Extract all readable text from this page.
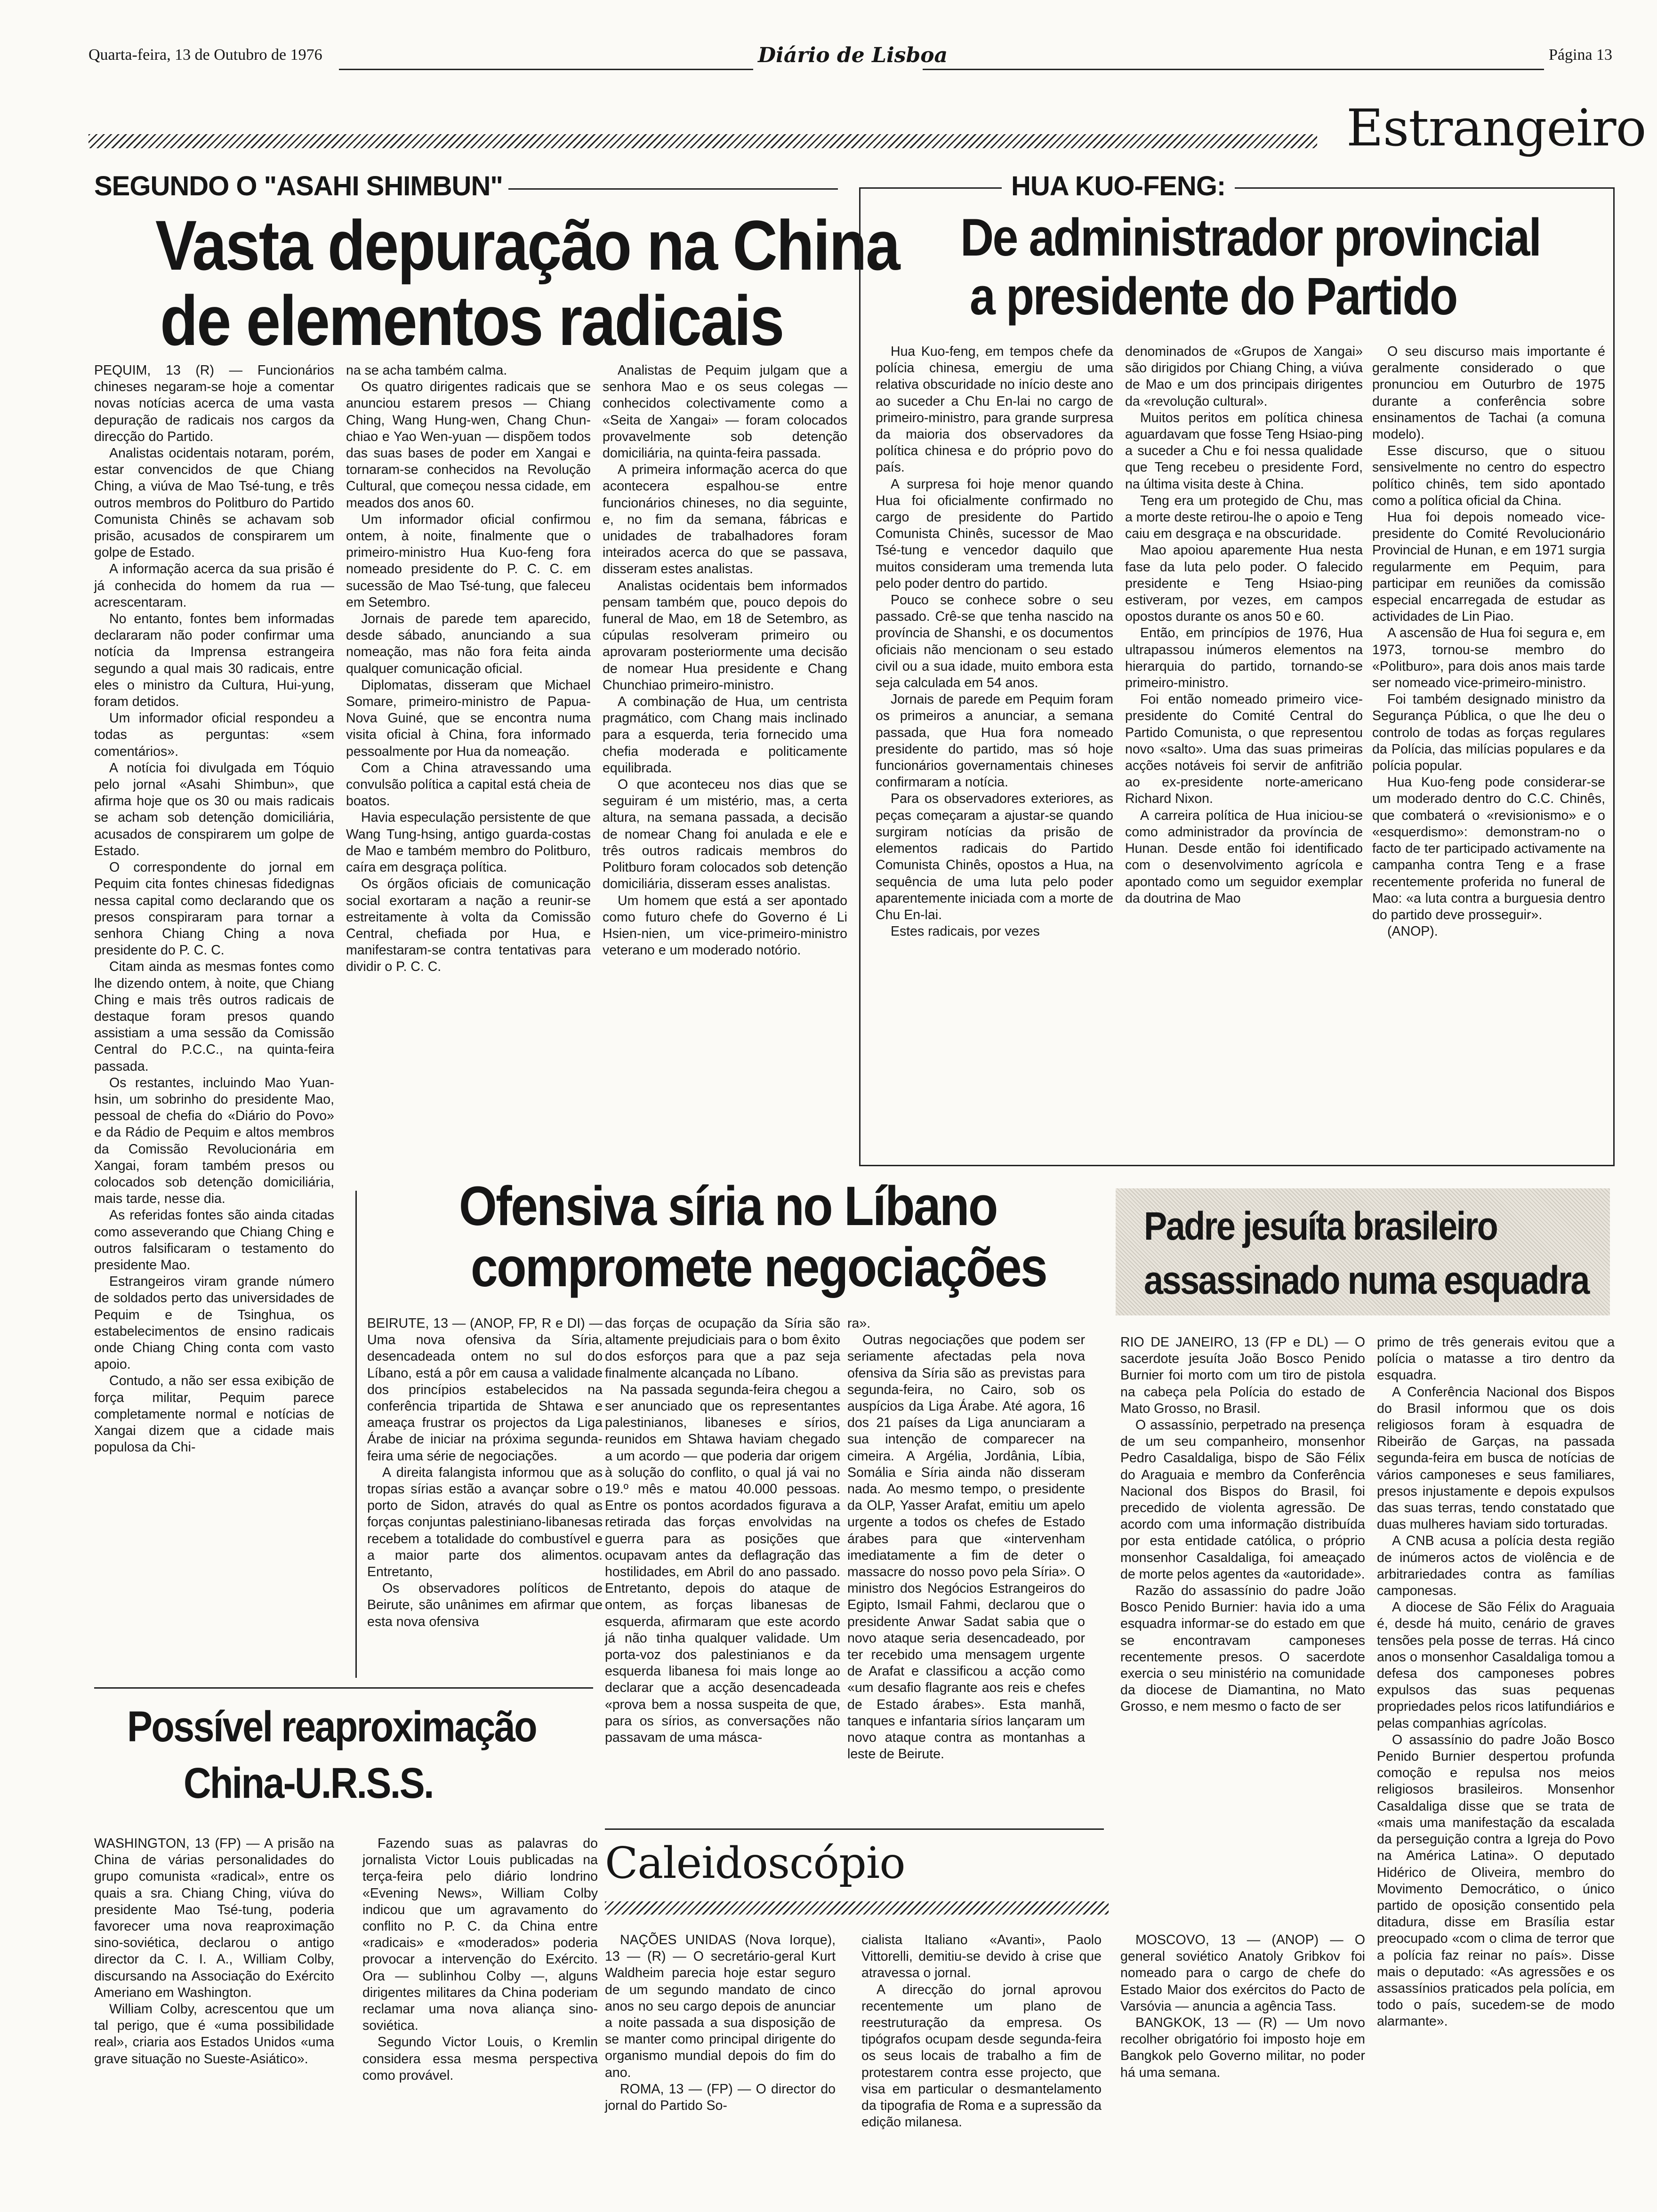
Quarta-feira, 13 de Outubro de 1976	Diário de Lisboa	Página 13
Estrangeiro
SEGUNDO O "ASAHI SHIMBUN"
Vasta depuração na China
de elementos radicais

PEQUIM, 13 (R) — Funcionários chineses negaram-se hoje a comentar novas notícias acerca de uma vasta depuração de radicais nos cargos da direcção do Partido.

Analistas ocidentais notaram, porém, estar convencidos de que Chiang Ching, a viúva de Mao Tsé-tung, e três outros membros do Politburo do Partido Comunista Chinês se achavam sob prisão, acusados de conspirarem um golpe de Estado.

A informação acerca da sua prisão é já conhecida do homem da rua — acrescentaram.

No entanto, fontes bem informadas declararam não poder confirmar uma notícia da Imprensa estrangeira segundo a qual mais 30 radicais, entre eles o ministro da Cultura, Hui-yung, foram detidos.

Um informador oficial respondeu a todas as perguntas: «sem comentários».

A notícia foi divulgada em Tóquio pelo jornal «Asahi Shimbun», que afirma hoje que os 30 ou mais radicais se acham sob detenção domiciliária, acusados de conspirarem um golpe de Estado.

O correspondente do jornal em Pequim cita fontes chinesas fidedignas nessa capital como declarando que os presos conspiraram para tornar a senhora Chiang Ching a nova presidente do P. C. C.

Citam ainda as mesmas fontes como lhe dizendo ontem, à noite, que Chiang Ching e mais três outros radicais de destaque foram presos quando assistiam a uma sessão da Comissão Central do P.C.C., na quinta-feira passada.

Os restantes, incluindo Mao Yuan-hsin, um sobrinho do presidente Mao, pessoal de chefia do «Diário do Povo» e da Rádio de Pequim e altos membros da Comissão Revolucionária em Xangai, foram também presos ou colocados sob detenção domiciliária, mais tarde, nesse dia.

As referidas fontes são ainda citadas como asseverando que Chiang Ching e outros falsificaram o testamento do presidente Mao.

Estrangeiros viram grande número de soldados perto das universidades de Pequim e de Tsinghua, os estabelecimentos de ensino radicais onde Chiang Ching conta com vasto apoio.

Contudo, a não ser essa exibição de força militar, Pequim parece completamente normal e notícias de Xangai dizem que a cidade mais populosa da Chi-

na se acha também calma.

Os quatro dirigentes radicais que se anunciou estarem presos — Chiang Ching, Wang Hung-wen, Chang Chun-chiao e Yao Wen-yuan — dispõem todos das suas bases de poder em Xangai e tornaram-se conhecidos na Revolução Cultural, que começou nessa cidade, em meados dos anos 60.

Um informador oficial confirmou ontem, à noite, finalmente que o primeiro-ministro Hua Kuo-feng fora nomeado presidente do P. C. C. em sucessão de Mao Tsé-tung, que faleceu em Setembro.

Jornais de parede tem aparecido, desde sábado, anunciando a sua nomeação, mas não fora feita ainda qualquer comunicação oficial.

Diplomatas, disseram que Michael Somare, primeiro-ministro de Papua-Nova Guiné, que se encontra numa visita oficial à China, fora informado pessoalmente por Hua da nomeação.

Com a China atravessando uma convulsão política a capital está cheia de boatos.

Havia especulação persistente de que Wang Tung-hsing, antigo guarda-costas de Mao e também membro do Politburo, caíra em desgraça política.

Os órgãos oficiais de comunicação social exortaram a nação a reunir-se estreitamente à volta da Comissão Central, chefiada por Hua, e manifestaram-se contra tentativas para dividir o P. C. C.

Analistas de Pequim julgam que a senhora Mao e os seus colegas — conhecidos colectivamente como a «Seita de Xangai» — foram colocados provavelmente sob detenção domiciliária, na quinta-feira passada.

A primeira informação acerca do que acontecera espalhou-se entre funcionários chineses, no dia seguinte, e, no fim da semana, fábricas e unidades de trabalhadores foram inteirados acerca do que se passava, disseram estes analistas.

Analistas ocidentais bem informados pensam também que, pouco depois do funeral de Mao, em 18 de Setembro, as cúpulas resolveram primeiro ou aprovaram posteriormente uma decisão de nomear Hua presidente e Chang Chunchiao primeiro-ministro.

A combinação de Hua, um centrista pragmático, com Chang mais inclinado para a esquerda, teria fornecido uma chefia moderada e politicamente equilibrada.

O que aconteceu nos dias que se seguiram é um mistério, mas, a certa altura, na semana passada, a decisão de nomear Chang foi anulada e ele e três outros radicais membros do Politburo foram colocados sob detenção domiciliária, disseram esses analistas.

Um homem que está a ser apontado como futuro chefe do Governo é Li Hsien-nien, um vice-primeiro-ministro veterano e um moderado notório.

HUA KUO-FENG:
De administrador provincial
a presidente do Partido

Hua Kuo-feng, em tempos chefe da polícia chinesa, emergiu de uma relativa obscuridade no início deste ano ao suceder a Chu En-lai no cargo de primeiro-ministro, para grande surpresa da maioria dos observadores da política chinesa e do próprio povo do país.

A surpresa foi hoje menor quando Hua foi oficialmente confirmado no cargo de presidente do Partido Comunista Chinês, sucessor de Mao Tsé-tung e vencedor daquilo que muitos consideram uma tremenda luta pelo poder dentro do partido.

Pouco se conhece sobre o seu passado. Crê-se que tenha nascido na província de Shanshi, e os documentos oficiais não mencionam o seu estado civil ou a sua idade, muito embora esta seja calculada em 54 anos.

Jornais de parede em Pequim foram os primeiros a anunciar, a semana passada, que Hua fora nomeado presidente do partido, mas só hoje funcionários governamentais chineses confirmaram a notícia.

Para os observadores exteriores, as peças começaram a ajustar-se quando surgiram notícias da prisão de elementos radicais do Partido Comunista Chinês, opostos a Hua, na sequência de uma luta pelo poder aparentemente iniciada com a morte de Chu En-lai.

Estes radicais, por vezes

denominados de «Grupos de Xangai» são dirigidos por Chiang Ching, a viúva de Mao e um dos principais dirigentes da «revolução cultural».

Muitos peritos em política chinesa aguardavam que fosse Teng Hsiao-ping a suceder a Chu e foi nessa qualidade que Teng recebeu o presidente Ford, na última visita deste à China.

Teng era um protegido de Chu, mas a morte deste retirou-lhe o apoio e Teng caiu em desgraça e na obscuridade.

Mao apoiou aparemente Hua nesta fase da luta pelo poder. O falecido presidente e Teng Hsiao-ping estiveram, por vezes, em campos opostos durante os anos 50 e 60.

Então, em princípios de 1976, Hua ultrapassou inúmeros elementos na hierarquia do partido, tornando-se primeiro-ministro.

Foi então nomeado primeiro vice-presidente do Comité Central do Partido Comunista, o que representou novo «salto». Uma das suas primeiras acções notáveis foi servir de anfitrião ao ex-presidente norte-americano Richard Nixon.

A carreira política de Hua iniciou-se como administrador da província de Hunan. Desde então foi identificado com o desenvolvimento agrícola e apontado como um seguidor exemplar da doutrina de Mao

O seu discurso mais importante é geralmente considerado o que pronunciou em Outurbro de 1975 durante a conferência sobre ensinamentos de Tachai (a comuna modelo).

Esse discurso, que o situou sensivelmente no centro do espectro político chinês, tem sido apontado como a política oficial da China.

Hua foi depois nomeado vice-presidente do Comité Revolucionário Provincial de Hunan, e em 1971 surgia regularmente em Pequim, para participar em reuniões da comissão especial encarregada de estudar as actividades de Lin Piao.

A ascensão de Hua foi segura e, em 1973, tornou-se membro do «Politburo», para dois anos mais tarde ser nomeado vice-primeiro-ministro.

Foi também designado ministro da Segurança Pública, o que lhe deu o controlo de todas as forças regulares da Polícia, das milícias populares e da polícia popular.

Hua Kuo-feng pode considerar-se um moderado dentro do C.C. Chinês, que combaterá o «revisionismo» e o «esquerdismo»: demonstram-no o facto de ter participado activamente na campanha contra Teng e a frase recentemente proferida no funeral de Mao: «a luta contra a burguesia dentro do partido deve prosseguir».

(ANOP).

Ofensiva síria no Líbano
compromete negociações

BEIRUTE, 13 — (ANOP, FP, R e DI) — Uma nova ofensiva da Síria, desencadeada ontem no sul do Líbano, está a pôr em causa a validade dos princípios estabelecidos na conferência tripartida de Shtawa e ameaça frustrar os projectos da Liga Árabe de iniciar na próxima segunda-feira uma série de negociações.

A direita falangista informou que as tropas sírias estão a avançar sobre o porto de Sidon, através do qual as forças conjuntas palestiniano-libanesas recebem a totalidade do combustível e a maior parte dos alimentos. Entretanto,

Os observadores políticos de Beirute, são unânimes em afirmar que esta nova ofensiva

das forças de ocupação da Síria são altamente prejudiciais para o bom êxito dos esforços para que a paz seja finalmente alcançada no Líbano.

Na passada segunda-feira chegou a ser anunciado que os representantes palestinianos, libaneses e sírios, reunidos em Shtawa haviam chegado a um acordo — que poderia dar origem à solução do conflito, o qual já vai no 19.º mês e matou 40.000 pessoas. Entre os pontos acordados figurava a retirada das forças envolvidas na guerra para as posições que ocupavam antes da deflagração das hostilidades, em Abril do ano passado. Entretanto, depois do ataque de ontem, as forças libanesas de esquerda, afirmaram que este acordo já não tinha qualquer validade. Um porta-voz dos palestinianos e da esquerda libanesa foi mais longe ao declarar que a acção desencadeada «prova bem a nossa suspeita de que, para os sírios, as conversações não passavam de uma másca-

ra».

Outras negociações que podem ser seriamente afectadas pela nova ofensiva da Síria são as previstas para segunda-feira, no Cairo, sob os auspícios da Liga Árabe. Até agora, 16 dos 21 países da Liga anunciaram a sua intenção de comparecer na cimeira. A Argélia, Jordânia, Líbia, Somália e Síria ainda não disseram nada. Ao mesmo tempo, o presidente da OLP, Yasser Arafat, emitiu um apelo urgente a todos os chefes de Estado árabes para que «intervenham imediatamente a fim de deter o massacre do nosso povo pela Síria». O ministro dos Negócios Estrangeiros do Egipto, Ismail Fahmi, declarou que o presidente Anwar Sadat sabia que o novo ataque seria desencadeado, por ter recebido uma mensagem urgente de Arafat e classificou a acção como «um desafio flagrante aos reis e chefes de Estado árabes». Esta manhã, tanques e infantaria sírios lançaram um novo ataque contra as montanhas a leste de Beirute.

Padre jesuíta brasileiro
assassinado numa esquadra

RIO DE JANEIRO, 13 (FP e DL) — O sacerdote jesuíta João Bosco Penido Burnier foi morto com um tiro de pistola na cabeça pela Polícia do estado de Mato Grosso, no Brasil.

O assassínio, perpetrado na presença de um seu companheiro, monsenhor Pedro Casaldaliga, bispo de São Félix do Araguaia e membro da Conferência Nacional dos Bispos do Brasil, foi precedido de violenta agressão. De acordo com uma informação distribuída por esta entidade católica, o próprio monsenhor Casaldaliga, foi ameaçado de morte pelos agentes da «autoridade».

Razão do assassínio do padre João Bosco Penido Burnier: havia ido a uma esquadra informar-se do estado em que se encontravam camponeses recentemente presos. O sacerdote exercia o seu ministério na comunidade da diocese de Diamantina, no Mato Grosso, e nem mesmo o facto de ser

primo de três generais evitou que a polícia o matasse a tiro dentro da esquadra.

A Conferência Nacional dos Bispos do Brasil informou que os dois religiosos foram à esquadra de Ribeirão de Garças, na passada segunda-feira em busca de notícias de vários camponeses e seus familiares, presos injustamente e depois expulsos das suas terras, tendo constatado que duas mulheres haviam sido torturadas.

A CNB acusa a polícia desta região de inúmeros actos de violência e de arbitrariedades contra as famílias camponesas.

A diocese de São Félix do Araguaia é, desde há muito, cenário de graves tensões pela posse de terras. Há cinco anos o monsenhor Casaldaliga tomou a defesa dos camponeses pobres expulsos das suas pequenas propriedades pelos ricos latifundiários e pelas companhias agrícolas.

O assassínio do padre João Bosco Penido Burnier despertou profunda comoção e repulsa nos meios religiosos brasileiros. Monsenhor Casaldaliga disse que se trata de «mais uma manifestação da escalada da perseguição contra a Igreja do Povo na América Latina». O deputado Hidérico de Oliveira, membro do Movimento Democrático, o único partido de oposição consentido pela ditadura, disse em Brasília estar preocupado «com o clima de terror que a polícia faz reinar no país». Disse mais o deputado: «As agressões e os assassínios praticados pela polícia, em todo o país, sucedem-se de modo alarmante».

Possível reaproximação
China-U.R.S.S.

WASHINGTON, 13 (FP) — A prisão na China de várias personalidades do grupo comunista «radical», entre os quais a sra. Chiang Ching, viúva do presidente Mao Tsé-tung, poderia favorecer uma nova reaproximação sino-soviética, declarou o antigo director da C. I. A., William Colby, discursando na Associação do Exército Ameriano em Washington.

William Colby, acrescentou que um tal perigo, que é «uma possibilidade real», criaria aos Estados Unidos «uma grave situação no Sueste-Asiático».

Fazendo suas as palavras do jornalista Victor Louis publicadas na terça-feira pelo diário londrino «Evening News», William Colby indicou que um agravamento do conflito no P. C. da China entre «radicais» e «moderados» poderia provocar a intervenção do Exército. Ora — sublinhou Colby —, alguns dirigentes militares da China poderiam reclamar uma nova aliança sino-soviética.

Segundo Victor Louis, o Kremlin considera essa mesma perspectiva como provável.

Caleidoscópio

NAÇÕES UNIDAS (Nova Iorque), 13 — (R) — O secretário-geral Kurt Waldheim parecia hoje estar seguro de um segundo mandato de cinco anos no seu cargo depois de anunciar a noite passada a sua disposição de se manter como principal dirigente do organismo mundial depois do fim do ano.

ROMA, 13 — (FP) — O director do jornal do Partido So-

cialista Italiano «Avanti», Paolo Vittorelli, demitiu-se devido à crise que atravessa o jornal.

A direcção do jornal aprovou recentemente um plano de reestruturação da empresa. Os tipógrafos ocupam desde segunda-feira os seus locais de trabalho a fim de protestarem contra esse projecto, que visa em particular o desmantelamento da tipografia de Roma e a supressão da edição milanesa.

MOSCOVO, 13 — (ANOP) — O general soviético Anatoly Gribkov foi nomeado para o cargo de chefe do Estado Maior dos exércitos do Pacto de Varsóvia — anuncia a agência Tass.

BANGKOK, 13 — (R) — Um novo recolher obrigatório foi imposto hoje em Bangkok pelo Governo militar, no poder há uma semana.
